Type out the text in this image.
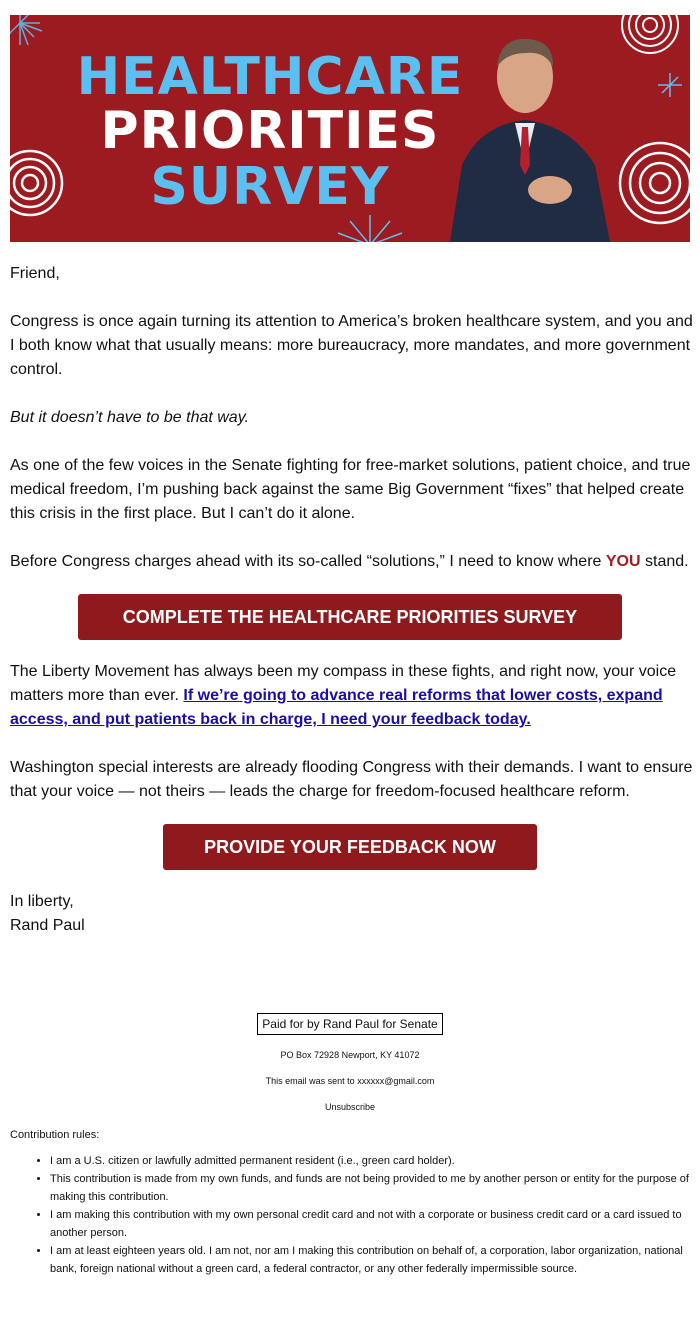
HEALTHCARE
PRIORITIES
SURVEY
Friend,
Congress is once again turning its attention to America’s broken healthcare system, and you and I both know what that usually means: more bureaucracy, more mandates, and more government control.
But it doesn’t have to be that way.
As one of the few voices in the Senate fighting for free-market solutions, patient choice, and true medical freedom, I’m pushing back against the same Big Government “fixes” that helped create this crisis in the first place. But I can’t do it alone.
Before Congress charges ahead with its so-called “solutions,” I need to know where YOU stand.
COMPLETE THE HEALTHCARE PRIORITIES SURVEY
The Liberty Movement has always been my compass in these fights, and right now, your voice matters more than ever. If we’re going to advance real reforms that lower costs, expand access, and put patients back in charge, I need your feedback today.
Washington special interests are already flooding Congress with their demands. I want to ensure that your voice — not theirs — leads the charge for freedom-focused healthcare reform.
PROVIDE YOUR FEEDBACK NOW
In liberty,
Rand Paul
Paid for by Rand Paul for Senate
PO Box 72928 Newport, KY 41072
This email was sent to xxxxxx@gmail.com
Unsubscribe
Contribution rules:
• I am a U.S. citizen or lawfully admitted permanent resident (i.e., green card holder).
• This contribution is made from my own funds, and funds are not being provided to me by another person or entity for the purpose of making this contribution.
• I am making this contribution with my own personal credit card and not with a corporate or business credit card or a card issued to another person.
• I am at least eighteen years old. I am not, nor am I making this contribution on behalf of, a corporation, labor organization, national bank, foreign national without a green card, a federal contractor, or any other federally impermissible source.
